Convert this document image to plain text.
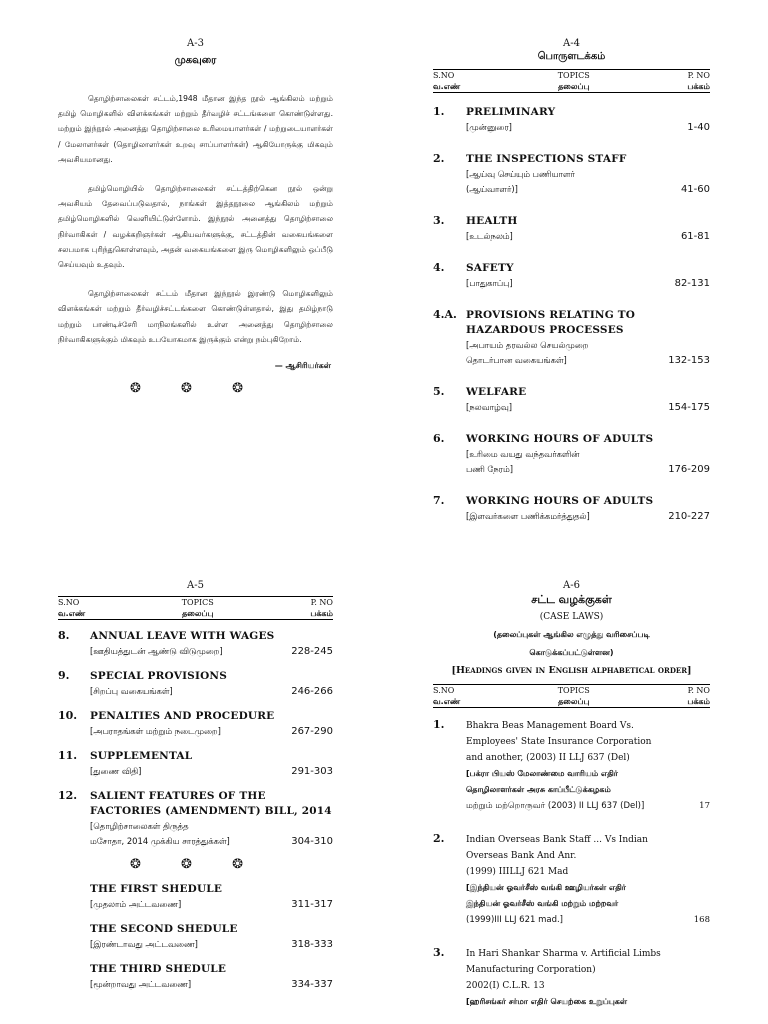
A-3
முகவுரை

தொழிற்சாலைகள் சட்டம்,1948 மீதான இந்த நூல் ஆங்கிலம் மற்றும் தமிழ் மொழிகளில் விளக்கங்கள் மற்றும் தீர்வழிச் சட்டங்களை கொண்டுள்ளது. மற்றும் இந்நூல் அனைத்து தொழிற்சாலை உரிமையாளர்கள் / மற்றுடையாளர்கள் / மேலாளர்கள் (தொழிலாளர்கள் உறவு சாப்பாளர்கள்) ஆகியோருக்கு மிகவும் அவசியமானது.

தமிழ்மொழியில் தொழிற்சாலைகள் சட்டத்திற்கென நூல் ஒன்று அவசியம் தேவைப்படுவதால், நாங்கள் இத்தநூலை ஆங்கிலம் மற்றும் தமிழ்மொழிகளில் வெளியிட்டுள்ளோம். இந்நூல் அனைத்து தொழிற்சாலை நிர்வாகிகள் / வழக்கறிஞர்கள் ஆகியவர்களுக்கு, சட்டத்தின் வகையங்களை சலபமாக புரிந்துகொள்ளவும், அதன் வகையங்களை இரு மொழிகளிலும் ஒப்பீடு செய்யவும் உதவும்.

தொழிற்சாலைகள் சட்டம் மீதான இந்நூல் இரண்டு மொழிகளிலும் விளக்கங்கள் மற்றும் தீர்வழிச்சட்டங்களை கொண்டுள்ளதால், இது தமிழ்நாடு மற்றும் பாண்டிச்சேரி மாநிலங்களில் உள்ள அனைத்து தொழிற்சாலை நிர்வாகிகளுக்கும் மிகவும் உபயோகமாக இருக்கும் என்று நம்புகிறோம்.

— ஆசிரியர்கள்
❂ ❂ ❂
A-4
பொருளடக்கம்
S.NO
வ.எண்
TOPICS
தலைப்பு
P. NO
பக்கம்
1.	PRELIMINARY
[முன்னுரை]	1-40
2.	THE INSPECTIONS STAFF
[ஆய்வு செய்யும் பணியாளர்
(ஆய்வாளர்)]	41-60
3.	HEALTH
[உடல்நலம்]	61-81
4.	SAFETY
[பாதுகாப்பு]	82-131
4.A. PROVISIONS RELATING TO HAZARDOUS PROCESSES
[அபாயம் தரவல்ல செயல்முறை
தொடர்பான வகையங்கள்]	132-153
5.	WELFARE
[நலவாழ்வு]	154-175
6.	WORKING HOURS OF ADULTS
[உரிமை வயது வந்தவர்களின்
பணி நேரம்]	176-209
7.	WORKING HOURS OF ADULTS
[இளவர்களை பணிக்கமர்த்துதல்]	210-227
A-5
S.NO
வ.எண்
TOPICS
தலைப்பு
P. NO
பக்கம்
8.	ANNUAL LEAVE WITH WAGES
[ஊதியத்துடன் ஆண்டு விடுமுறை]	228-245
9.	SPECIAL PROVISIONS
[சிறப்பு வகையங்கள்]	246-266
10.	PENALTIES AND PROCEDURE
[அபராதங்கள் மற்றும் நடைமுறை]	267-290
11.	SUPPLEMENTAL
[துணை விதி]	291-303
12.	SALIENT FEATURES OF THE FACTORIES (AMENDMENT) BILL, 2014
[தொழிற்சாலைகள் திருத்த
மசோதா, 2014 முக்கிய சாரத்துக்கள்]	304-310
❂ ❂ ❂
THE FIRST SHEDULE
[முதலாம் அட்டவணை]	311-317
THE SECOND SHEDULE
[இரண்டாவது அட்டவணை]	318-333
THE THIRD SHEDULE
[மூன்றாவது அட்டவணை]	334-337
A-6
சட்ட வழக்குகள்
(CASE LAWS)
(தலைப்புகள் ஆங்கில எழுத்து வரிசைப்படி
கொடுக்கப்பட்டுள்ளன)
[Headings given in English alphabetical order]
S.NO
வ.எண்
TOPICS
தலைப்பு
P. NO
பக்கம்
1.	Bhakra Beas Management Board Vs.
Employees' State Insurance Corporation
and another, (2003) II LLJ 637 (Del)
[பக்ரா பியஸ் மேலாண்மை வாரியம் எதிர்
தொழிலாளர்கள் அரசு காப்பீட்டுக்கழகம்
மற்றும் மற்றொருவர் (2003) II LLJ 637 (Del)]	17
2.	Indian Overseas Bank Staff ... Vs Indian
Overseas Bank And Anr.
(1999) IIILLJ 621 Mad
[இந்தியன் ஓவர்சீஸ் வங்கி ஊழியர்கள் எதிர்
இந்தியன் ஓவர்சீஸ் வங்கி மற்றும் மற்றவர்
(1999)III LLJ 621 mad.]	168
3.	In Hari Shankar Sharma v. Artificial Limbs
Manufacturing Corporation)
2002(I) C.L.R. 13
[ஹரிசங்கர் சர்மா எதிர் செயற்கை உறுப்புகள்
